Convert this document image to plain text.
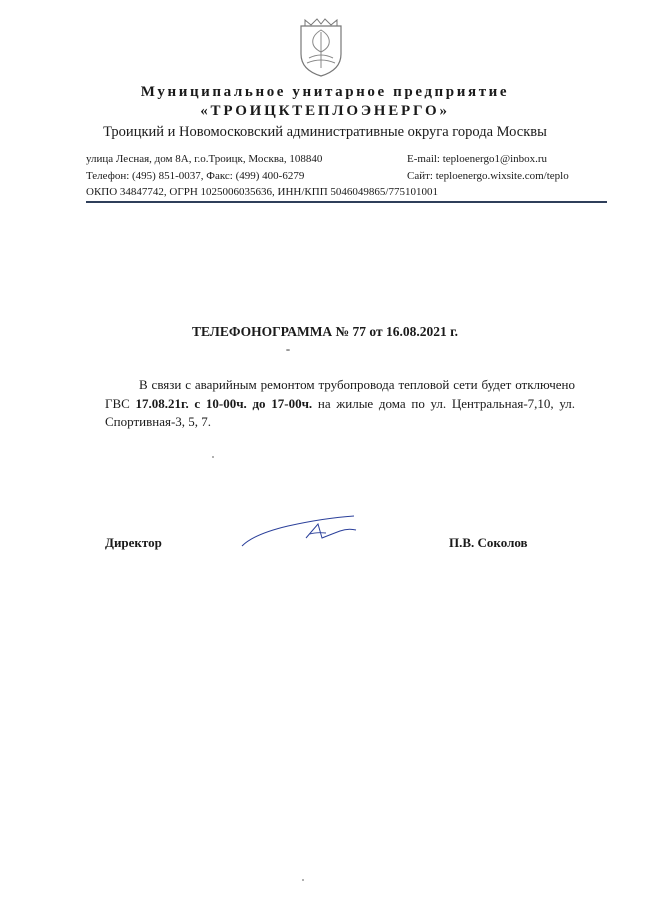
Муниципальное унитарное предприятие
«ТРОИЦКТЕПЛОЭНЕРГО»
Троицкий и Новомосковский административные округа города Москвы
улица Лесная, дом 8А, г.о.Троицк, Москва, 108840
Телефон: (495) 851-0037, Факс: (499) 400-6279
ОКПО 34847742, ОГРН 1025006035636, ИНН/КПП 5046049865/775101001
E-mail: teploenergo1@inbox.ru
Сайт: teploenergo.wixsite.com/teplo
ТЕЛЕФОНОГРАММА № 77 от 16.08.2021 г.
В связи с аварийным ремонтом трубопровода тепловой сети будет отключено ГВС 17.08.21г. с 10-00ч. до 17-00ч. на жилые дома по ул. Центральная-7,10, ул. Спортивная-3, 5, 7.
Директор	П.В. Соколов
